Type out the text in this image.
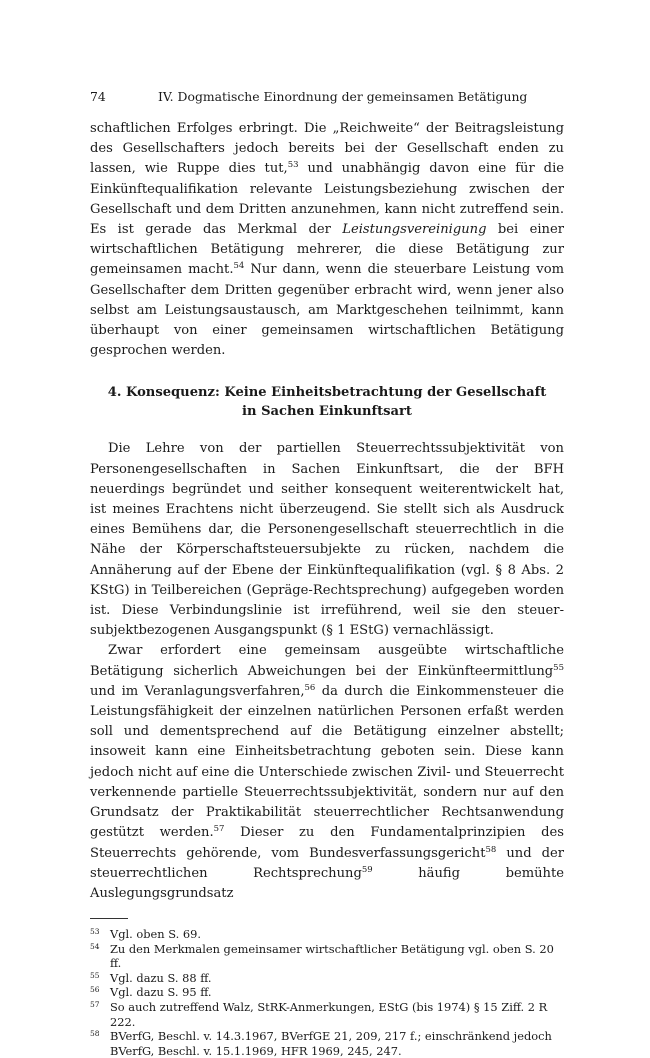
74	IV. Dogmatische Einordnung der gemeinsamen Betätigung

schaftlichen Erfolges erbringt. Die „Reichweite“ der Beitragsleistung des Gesellschafters jedoch bereits bei der Gesellschaft enden zu lassen, wie Ruppe dies tut,$^{53}$ und unabhängig davon eine für die Einkünftequalifikation relevante Leistungsbeziehung zwischen der Gesellschaft und dem Dritten anzunehmen, kann nicht zutreffend sein. Es ist gerade das Merkmal der Leistungsvereinigung bei einer wirtschaftlichen Betätigung mehrerer, die diese Betätigung zur gemeinsamen macht.$^{54}$ Nur dann, wenn die steuerbare Leistung vom Gesellschafter dem Dritten gegenüber erbracht wird, wenn jener also selbst am Leistungsaustausch, am Marktgeschehen teilnimmt, kann überhaupt von einer gemeinsamen wirtschaftlichen Betätigung gesprochen werden.

4. Konsequenz: Keine Einheitsbetrachtung der Gesellschaft
in Sachen Einkunftsart

Die Lehre von der partiellen Steuerrechtssubjektivität von Personengesellschaften in Sachen Einkunftsart, die der BFH neuerdings begründet und seither konsequent weiterentwickelt hat, ist meines Erachtens nicht überzeugend. Sie stellt sich als Ausdruck eines Bemühens dar, die Personengesellschaft steuerrechtlich in die Nähe der Körperschaftsteuersubjekte zu rücken, nachdem die Annäherung auf der Ebene der Einkünftequalifikation (vgl. § 8 Abs. 2 KStG) in Teilbereichen (Gepräge-Rechtsprechung) aufgegeben worden ist. Diese Verbindungslinie ist irreführend, weil sie den steuersubjektbezogenen Ausgangspunkt (§ 1 EStG) vernachlässigt.

Zwar erfordert eine gemeinsam ausgeübte wirtschaftliche Betätigung sicherlich Abweichungen bei der Einkünfteermittlung$^{55}$ und im Veranlagungsverfahren,$^{56}$ da durch die Einkommensteuer die Leistungsfähigkeit der einzelnen natürlichen Personen erfaßt werden soll und dementsprechend auf die Betätigung einzelner abstellt; insoweit kann eine Einheitsbetrachtung geboten sein. Diese kann jedoch nicht auf eine die Unterschiede zwischen Zivil- und Steuerrecht verkennende partielle Steuerrechtssubjektivität, sondern nur auf den Grundsatz der Praktikabilität steuerrechtlicher Rechtsanwendung gestützt werden.$^{57}$ Dieser zu den Fundamentalprinzipien des Steuerrechts gehörende, vom Bundesverfassungsgericht$^{58}$ und der steuerrechtlichen Rechtsprechung$^{59}$ häufig bemühte Auslegungsgrundsatz

$^{53}$ Vgl. oben S. 69.
$^{54}$ Zu den Merkmalen gemeinsamer wirtschaftlicher Betätigung vgl. oben S. 20 ff.
$^{55}$ Vgl. dazu S. 88 ff.
$^{56}$ Vgl. dazu S. 95 ff.
$^{57}$ So auch zutreffend Walz, StRK-Anmerkungen, EStG (bis 1974) § 15 Ziff. 2 R 222.
$^{58}$ BVerfG, Beschl. v. 14.3.1967, BVerfGE 21, 209, 217 f.; einschränkend jedoch BVerfG, Beschl. v. 15.1.1969, HFR 1969, 245, 247.
